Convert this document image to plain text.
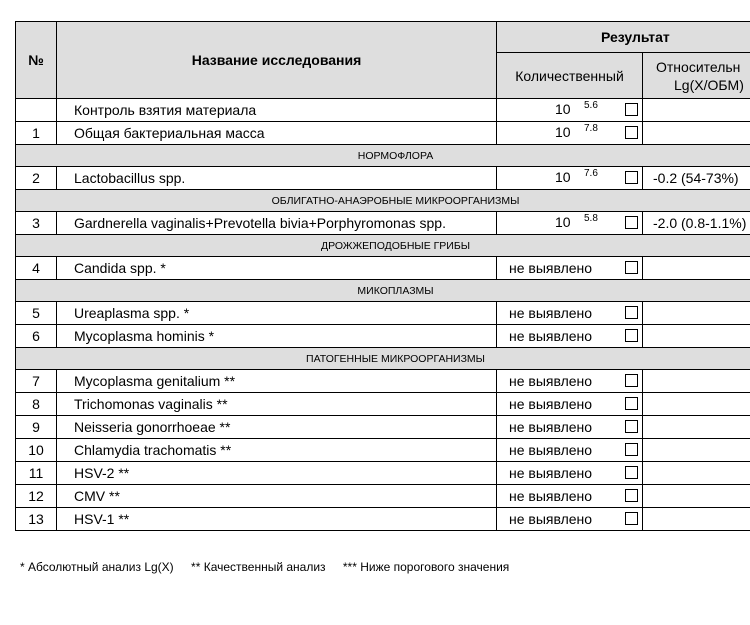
№	Название исследования	Результат	
		Количественный	Относительн
Lg(X/ОБМ)

	Контроль взятия материала	10 5.6	

1	Общая бактериальная масса	10 7.8	

НОРМОФЛОРА			
2	Lactobacillus spp.	10 7.6	-0.2 (54-73%)
ОБЛИГАТНО-АНАЭРОБНЫЕ МИКРООРГАНИЗМЫ			
3	Gardnerella vaginalis+Prevotella bivia+Porphyromonas spp.	10 5.8	-2.0 (0.8-1.1%)
ДРОЖЖЕПОДОБНЫЕ ГРИБЫ			
4	Candida spp. *	не выявлено	

МИКОПЛАЗМЫ			
5	Ureaplasma spp. *	не выявлено	

6	Mycoplasma hominis *	не выявлено	

ПАТОГЕННЫЕ МИКРООРГАНИЗМЫ			
7	Mycoplasma genitalium **	не выявлено	

8	Trichomonas vaginalis **	не выявлено	

9	Neisseria gonorrhoeae **	не выявлено	

10	Chlamydia trachomatis **	не выявлено	

11	HSV-2 **	не выявлено	

12	CMV **	не выявлено	

13	HSV-1 **	не выявлено	

* Абсолютный анализ Lg(X) ** Качественный анализ *** Ниже порогового значения
